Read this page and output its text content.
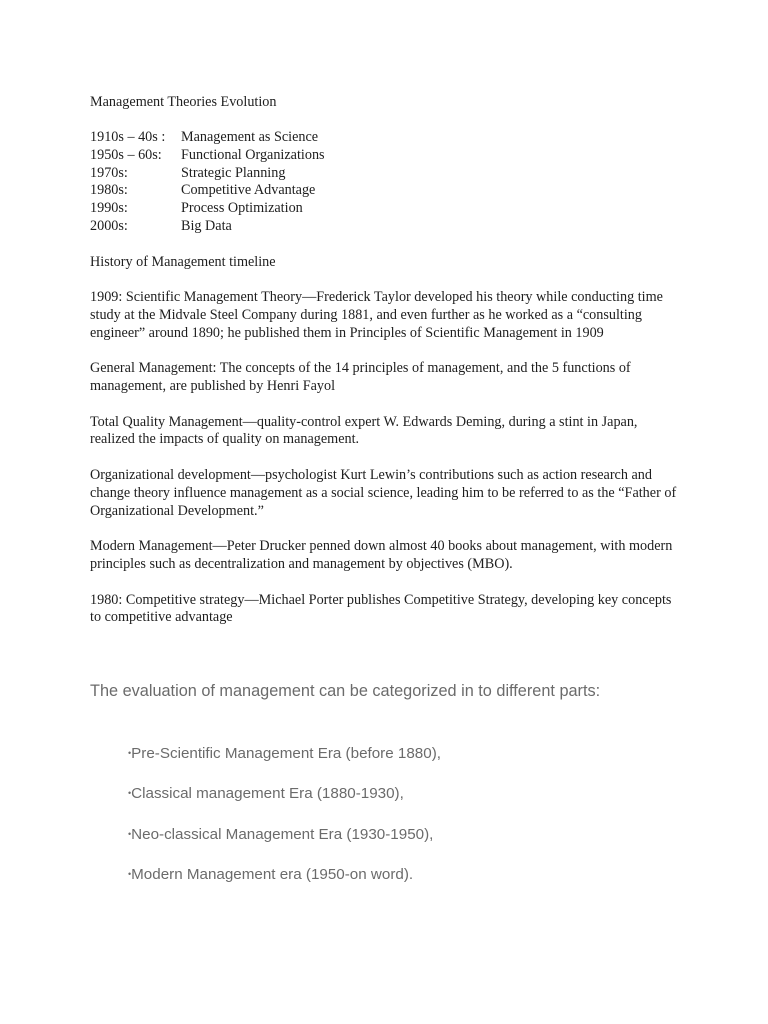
Management Theories Evolution
1910s – 40s :	Management as Science
1950s – 60s:	Functional Organizations
1970s:	Strategic Planning
1980s:	Competitive Advantage
1990s:	Process Optimization
2000s:	Big Data
History of Management timeline

1909: Scientific Management Theory—Frederick Taylor developed his theory while conducting time study at the Midvale Steel Company during 1881, and even further as he worked as a “consulting engineer” around 1890; he published them in Principles of Scientific Management in 1909

General Management: The concepts of the 14 principles of management, and the 5 functions of management, are published by Henri Fayol

Total Quality Management—quality-control expert W. Edwards Deming, during a stint in Japan, realized the impacts of quality on management.

Organizational development—psychologist Kurt Lewin’s contributions such as action research and change theory influence management as a social science, leading him to be referred to as the “Father of Organizational Development.”

Modern Management—Peter Drucker penned down almost 40 books about management, with modern principles such as decentralization and management by objectives (MBO).

1980: Competitive strategy—Michael Porter publishes Competitive Strategy, developing key concepts to competitive advantage

The evaluation of management can be categorized in to different parts:
•Pre-Scientific Management Era (before 1880),
•Classical management Era (1880-1930),
•Neo-classical Management Era (1930-1950),
•Modern Management era (1950-on word).
